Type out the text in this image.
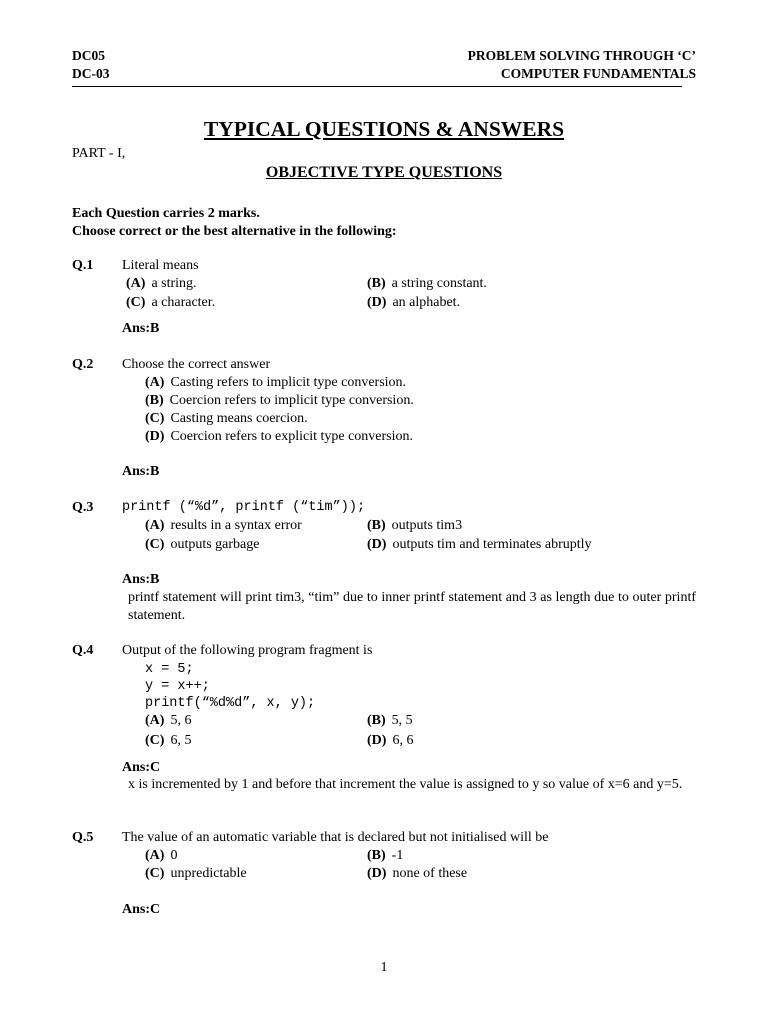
DC05
DC-03
PROBLEM SOLVING THROUGH ‘C’
COMPUTER FUNDAMENTALS
TYPICAL QUESTIONS & ANSWERS
PART - I,
OBJECTIVE TYPE QUESTIONS
Each Question carries 2 marks.
Choose correct or the best alternative in the following:
Q.1 Literal means
(A) a string.	(B) a string constant.
(C) a character.	(D) an alphabet.
Ans:B
Q.2 Choose the correct answer
(A) Casting refers to implicit type conversion.
(B) Coercion refers to implicit type conversion.
(C) Casting means coercion.
(D) Coercion refers to explicit type conversion.
Ans:B
Q.3 printf (“%d”, printf (“tim”));
(A) results in a syntax error	(B) outputs tim3
(C) outputs garbage	(D) outputs tim and terminates abruptly
Ans:B
printf statement will print tim3, “tim” due to inner printf statement and 3 as length due to outer printf statement.
Q.4 Output of the following program fragment is
x = 5;
y = x++;
printf(“%d%d”, x, y);
(A) 5, 6	(B) 5, 5
(C) 6, 5	(D) 6, 6
Ans:C
x is incremented by 1 and before that increment the value is assigned to y so value of x=6 and y=5.
Q.5 The value of an automatic variable that is declared but not initialised will be
(A) 0	(B) -1
(C) unpredictable	(D) none of these
Ans:C
1
